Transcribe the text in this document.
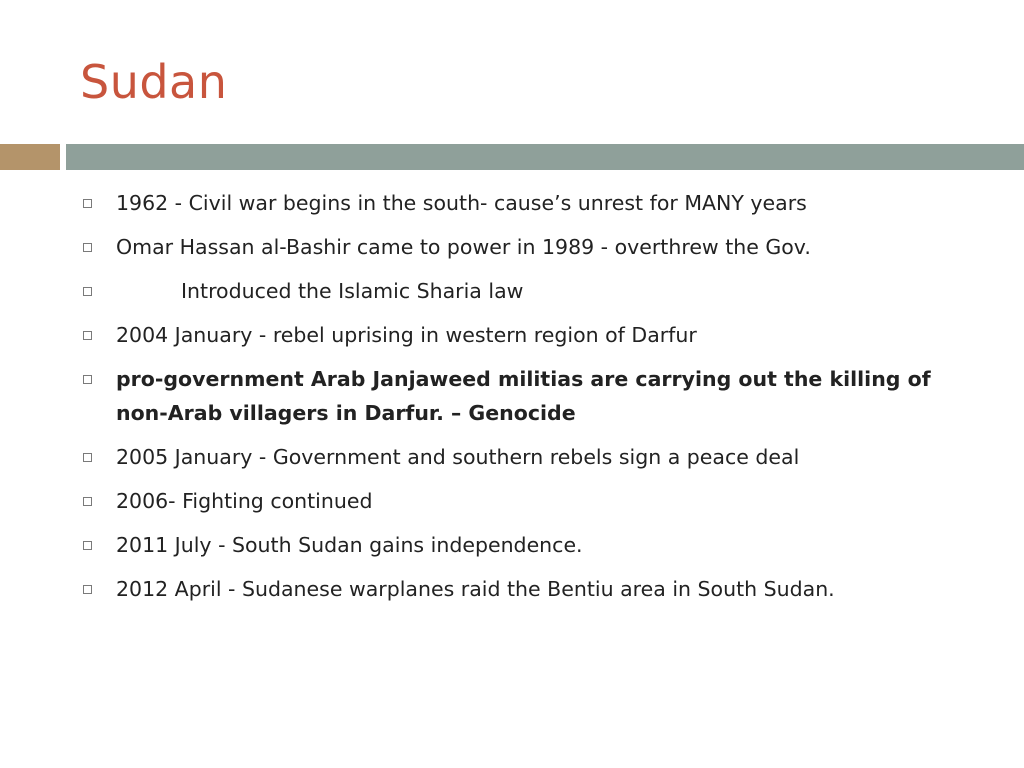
Sudan
1962 - Civil war begins in the south- cause’s unrest for MANY years
Omar Hassan al-Bashir came to power in 1989 - overthrew the Gov.
Introduced the Islamic Sharia law
2004 January - rebel uprising in western region of Darfur
pro-government Arab Janjaweed militias are carrying out the killing of non-Arab villagers in Darfur. – Genocide
2005 January - Government and southern rebels sign a peace deal
2006- Fighting continued
2011 July - South Sudan gains independence.
2012 April - Sudanese warplanes raid the Bentiu area in South Sudan.
